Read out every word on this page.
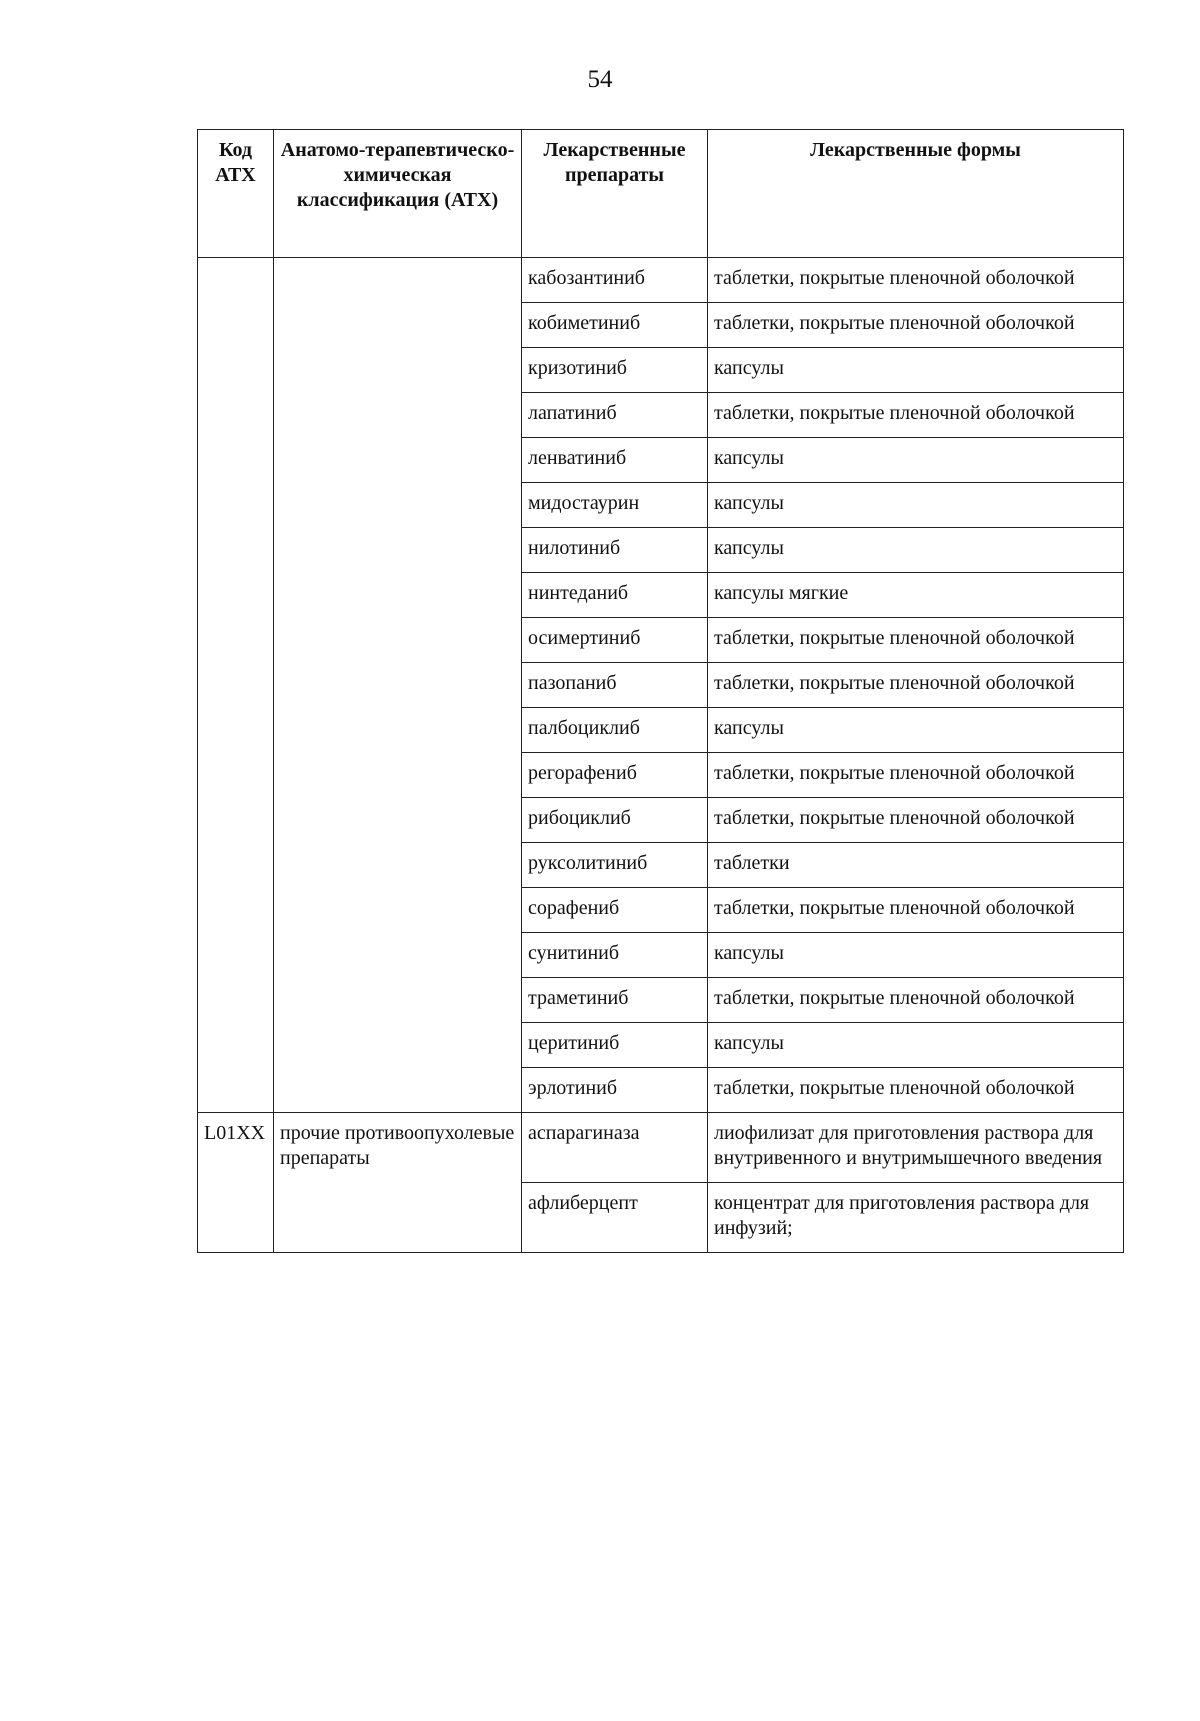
54
Код АТХ	Анатомо-терапевтическо-химическая классификация (АТХ)	Лекарственные препараты	Лекарственные формы
		кабозантиниб	таблетки, покрытые пленочной оболочкой
		кобиметиниб	таблетки, покрытые пленочной оболочкой
		кризотиниб	капсулы
		лапатиниб	таблетки, покрытые пленочной оболочкой
		ленватиниб	капсулы
		мидостаурин	капсулы
		нилотиниб	капсулы
		нинтеданиб	капсулы мягкие
		осимертиниб	таблетки, покрытые пленочной оболочкой
		пазопаниб	таблетки, покрытые пленочной оболочкой
		палбоциклиб	капсулы
		регорафениб	таблетки, покрытые пленочной оболочкой
		рибоциклиб	таблетки, покрытые пленочной оболочкой
		руксолитиниб	таблетки
		сорафениб	таблетки, покрытые пленочной оболочкой
		сунитиниб	капсулы
		траметиниб	таблетки, покрытые пленочной оболочкой
		церитиниб	капсулы
		эрлотиниб	таблетки, покрытые пленочной оболочкой
L01XX	прочие противоопухолевые препараты	аспарагиназа	лиофилизат для приготовления раствора для внутривенного и внутримышечного введения
		афлиберцепт	концентрат для приготовления раствора для инфузий;
